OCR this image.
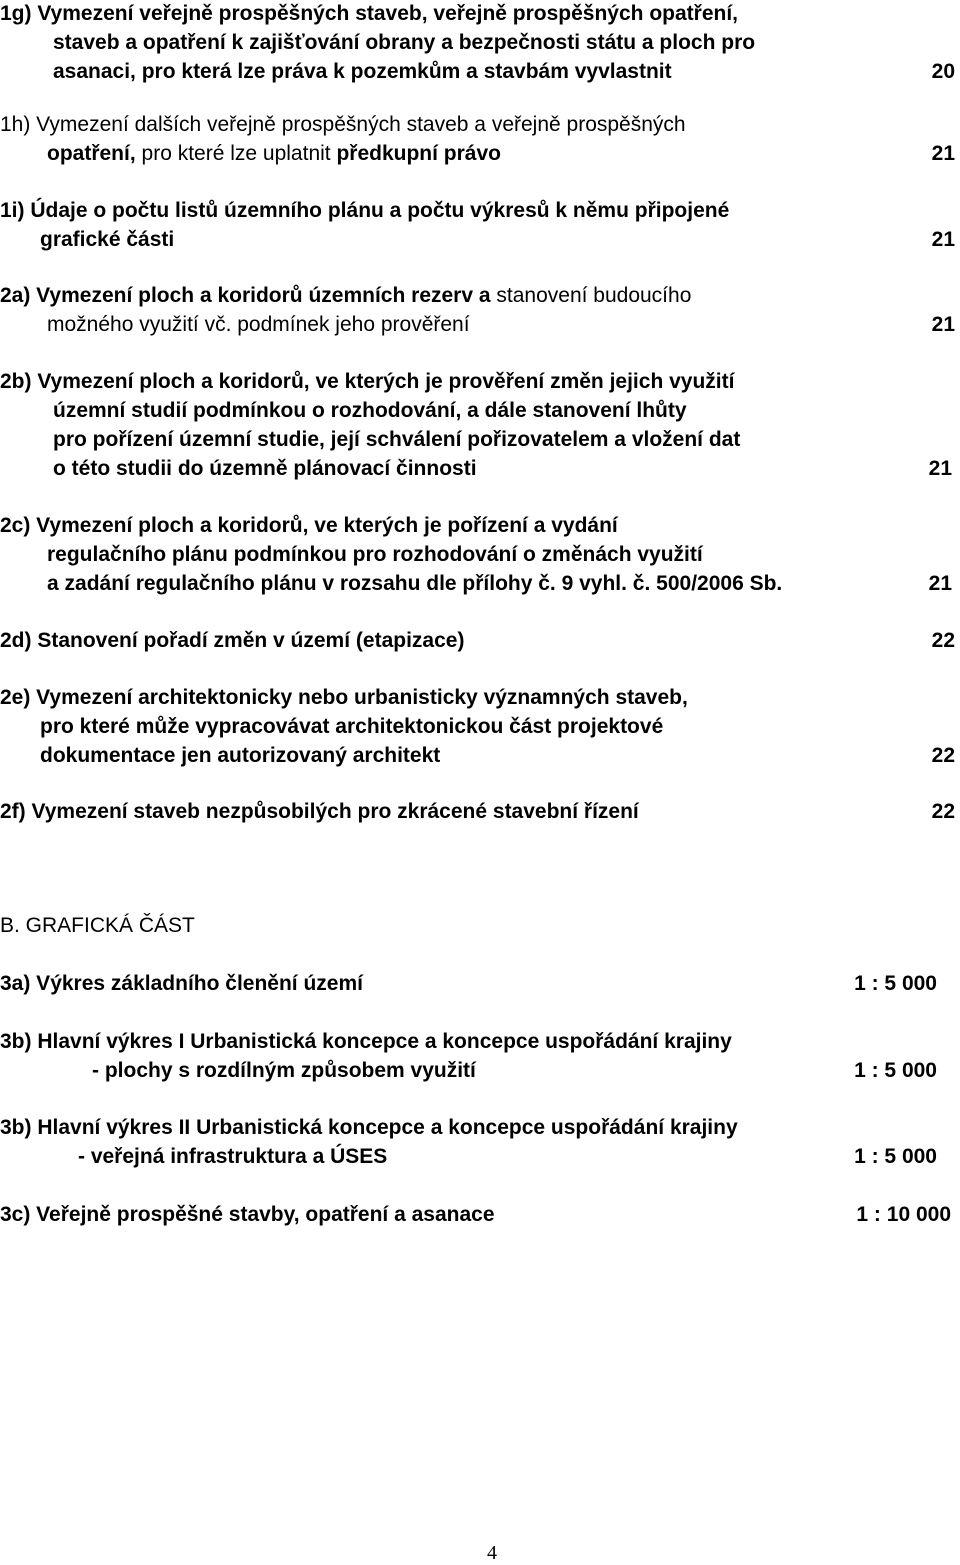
1g) Vymezení veřejně prospěšných staveb, veřejně prospěšných opatření,
staveb a opatření k zajišťování obrany a bezpečnosti státu a ploch pro
asanaci, pro která lze práva k pozemkům a stavbám vyvlastnit	20
1h) Vymezení dalších veřejně prospěšných staveb a veřejně prospěšných
opatření, pro které lze uplatnit předkupní právo	21
1i) Údaje o počtu listů územního plánu a počtu výkresů k němu připojené
grafické části	21
2a) Vymezení ploch a koridorů územních rezerv a stanovení budoucího
možného využití vč. podmínek jeho prověření	21
2b) Vymezení ploch a koridorů, ve kterých je prověření změn jejich využití
územní studií podmínkou o rozhodování, a dále stanovení lhůty
pro pořízení územní studie, její schválení pořizovatelem a vložení dat
o této studii do územně plánovací činnosti	21
2c) Vymezení ploch a koridorů, ve kterých je pořízení a vydání
regulačního plánu podmínkou pro rozhodování o změnách využití
a zadání regulačního plánu v rozsahu dle přílohy č. 9 vyhl. č. 500/2006 Sb.	21
2d) Stanovení pořadí změn v území (etapizace)	22
2e) Vymezení architektonicky nebo urbanisticky významných staveb,
pro které může vypracovávat architektonickou část projektové
dokumentace jen autorizovaný architekt	22
2f) Vymezení staveb nezpůsobilých pro zkrácené stavební řízení	22
B. GRAFICKÁ ČÁST
3a) Výkres základního členění území	1 : 5 000
3b) Hlavní výkres I Urbanistická koncepce a koncepce uspořádání krajiny
- plochy s rozdílným způsobem využití	1 : 5 000
3b) Hlavní výkres II Urbanistická koncepce a koncepce uspořádání krajiny
- veřejná infrastruktura a ÚSES	1 : 5 000
3c) Veřejně prospěšné stavby, opatření a asanace	1 : 10 000
4
